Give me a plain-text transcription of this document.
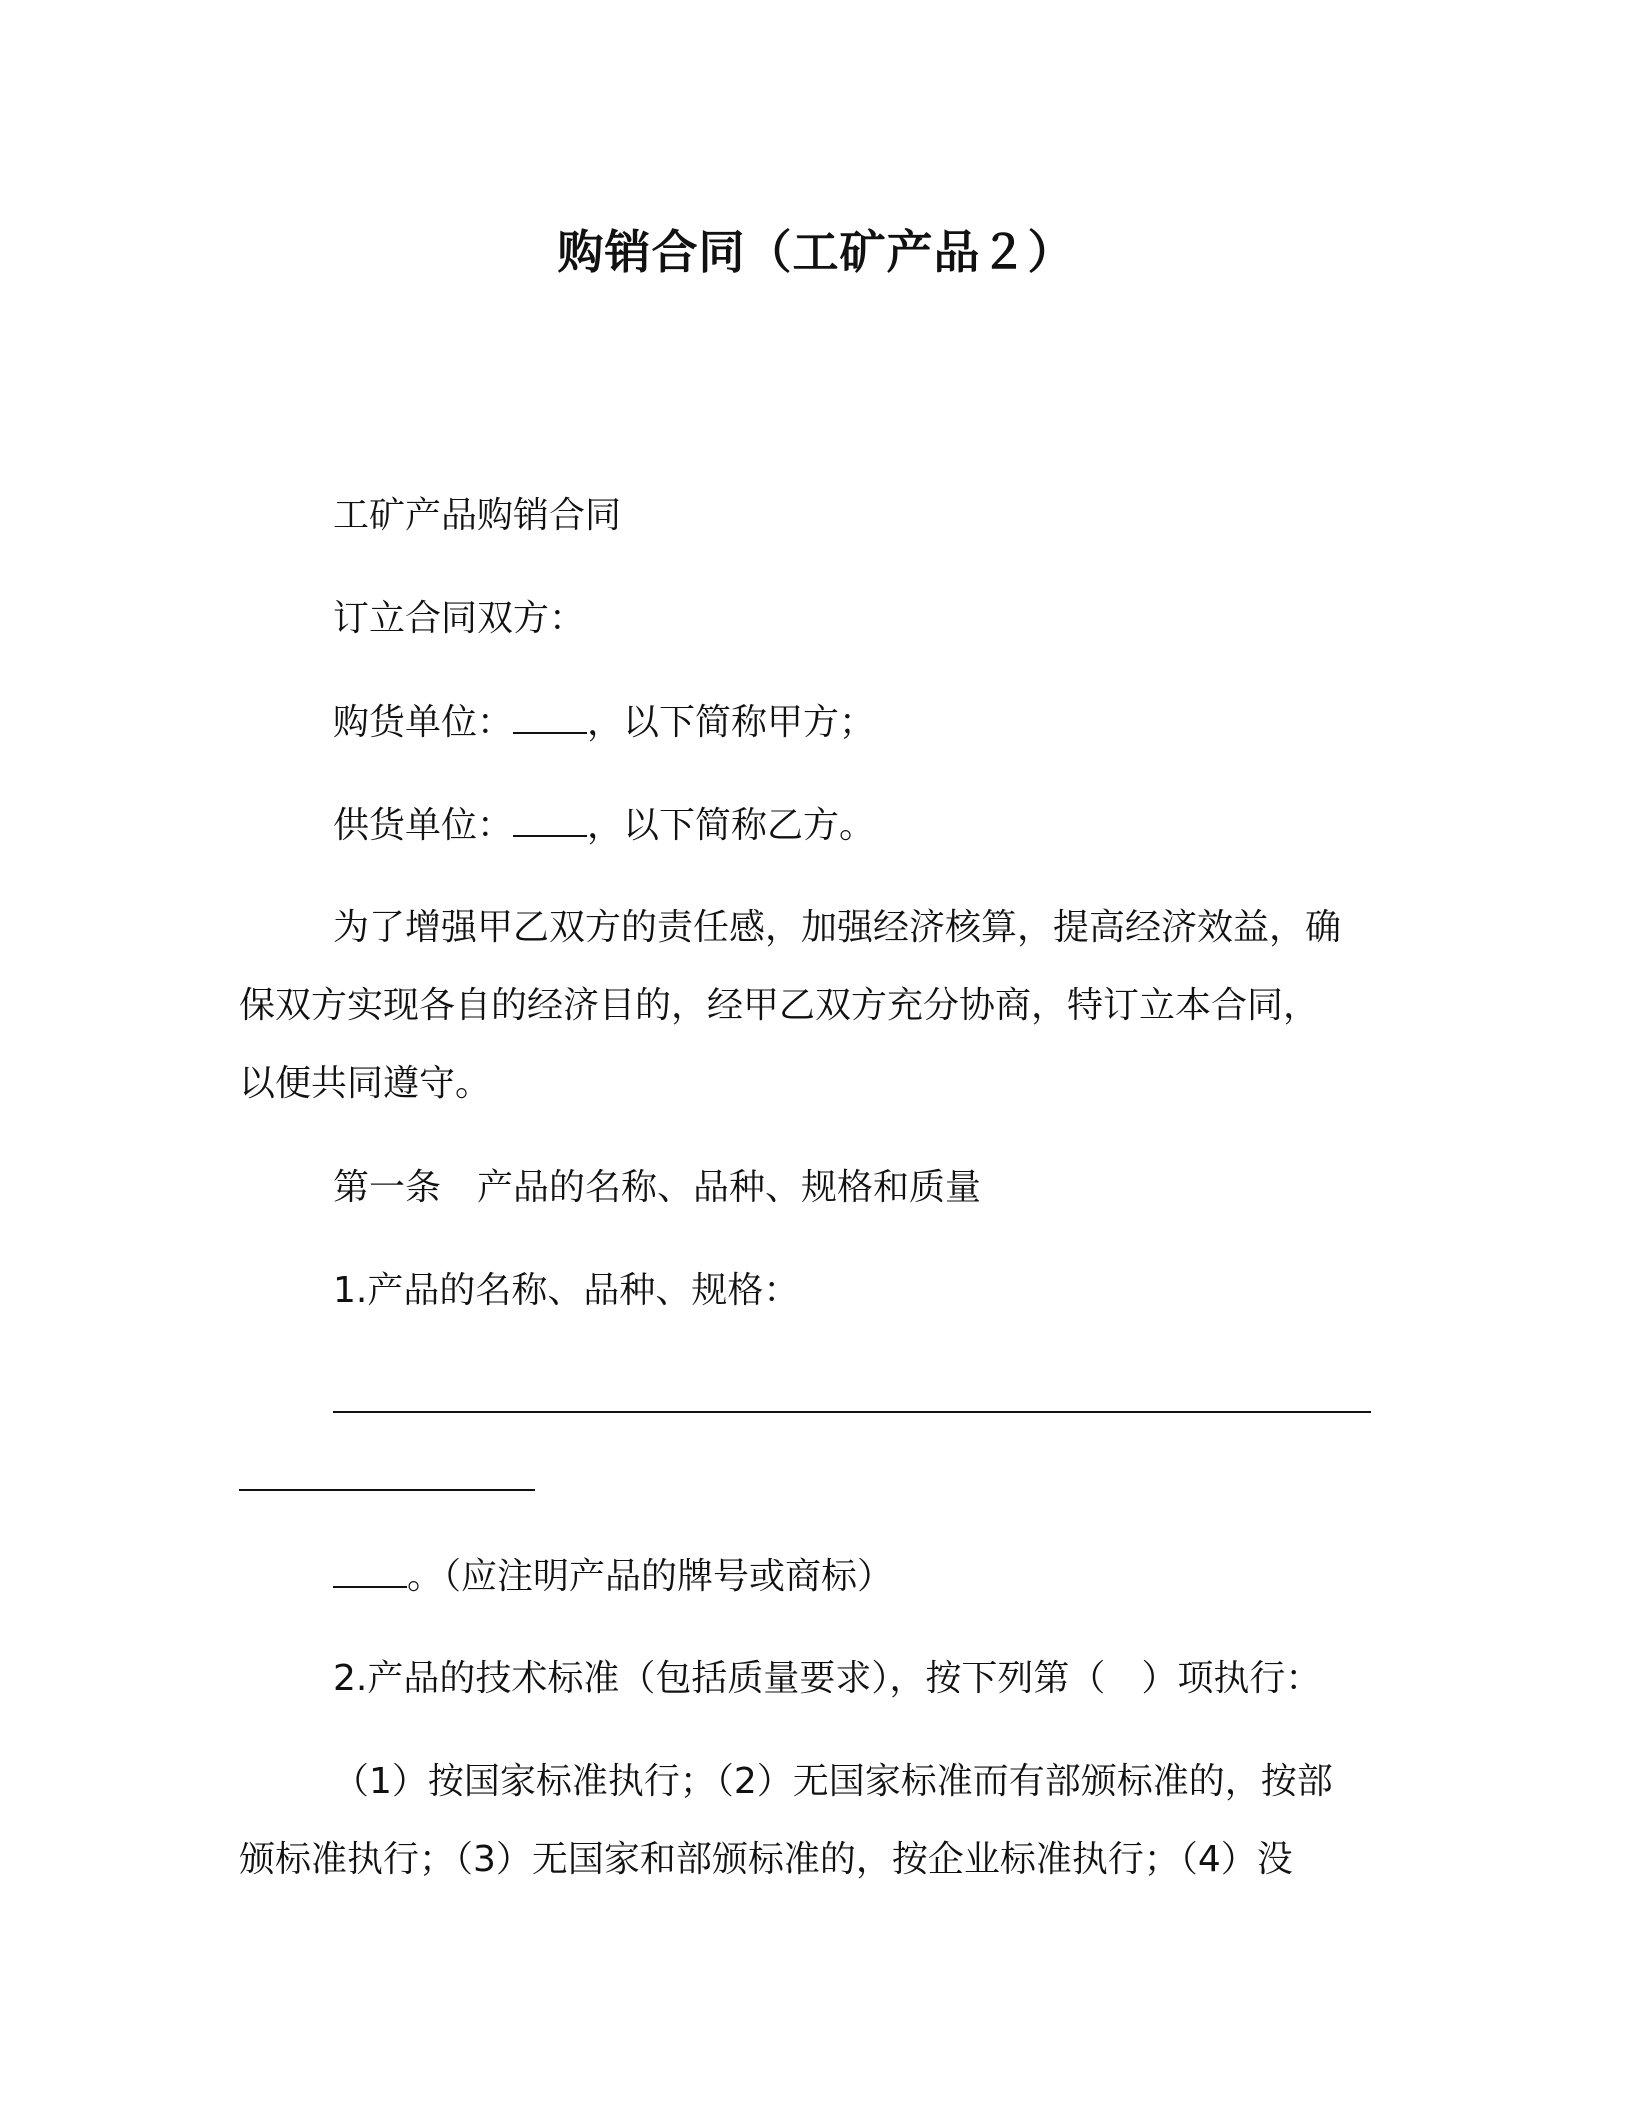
购销合同（工矿产品２）
工矿产品购销合同
订立合同双方：
购货单位： ，以下简称甲方；
供货单位： ，以下简称乙方。
为了增强甲乙双方的责任感，加强经济核算，提高经济效益，确
保双方实现各自的经济目的，经甲乙双方充分协商，特订立本合同，
以便共同遵守。
第一条　产品的名称、品种、规格和质量
1.产品的名称、品种、规格：
。（应注明产品的牌号或商标）
2.产品的技术标准（包括质量要求），按下列第（　）项执行：
（1）按国家标准执行；（2）无国家标准而有部颁标准的，按部
颁标准执行；（3）无国家和部颁标准的，按企业标准执行；（4）没
